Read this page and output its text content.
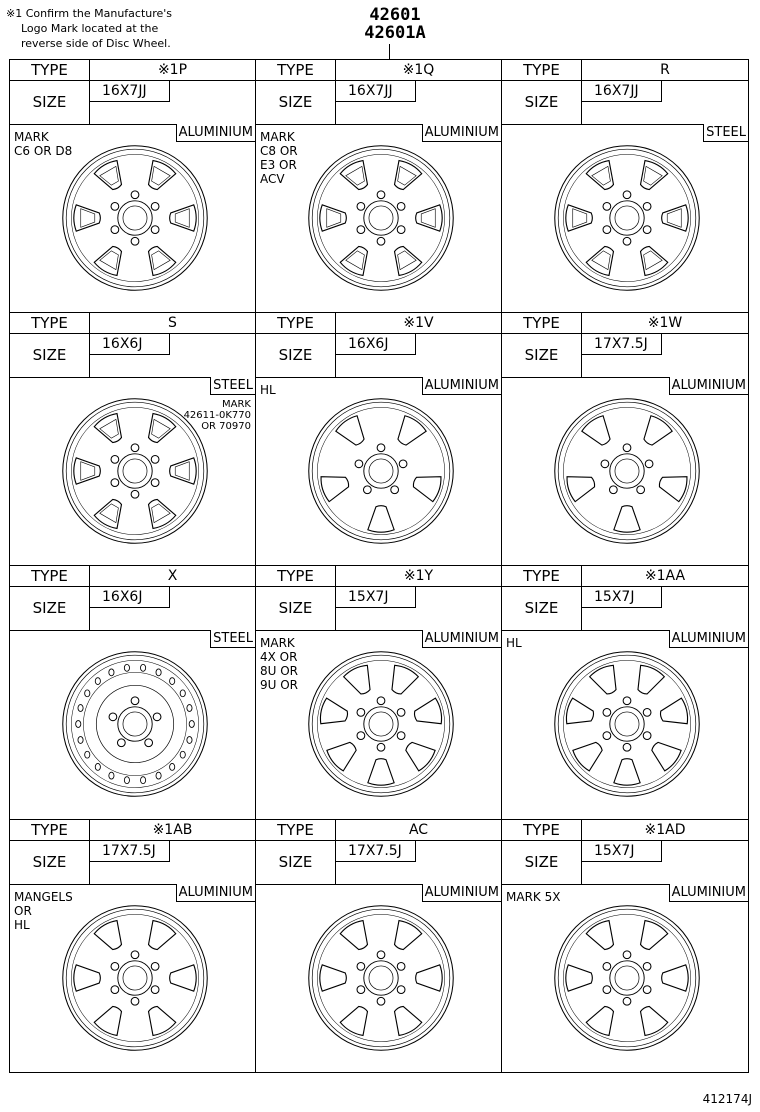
※1 Confirm the Manufacture's
Logo Mark located at the
reverse side of Disc Wheel.
42601
42601A
TYPE	※1P
SIZE
16X7JJ
ALUMINIUM
MARK
C6 OR D8
TYPE	※1Q
SIZE
16X7JJ
ALUMINIUM
MARK
C8 OR
E3 OR
ACV
TYPE	R
SIZE
16X7JJ
STEEL
TYPE	S
SIZE
16X6J
STEEL
MARK
42611-0K770
OR 70970
TYPE	※1V
SIZE
16X6J
ALUMINIUM
HL
TYPE	※1W
SIZE
17X7.5J
ALUMINIUM
TYPE	X
SIZE
16X6J
STEEL
TYPE	※1Y
SIZE
15X7J
ALUMINIUM
MARK
4X OR
8U OR
9U OR
TYPE	※1AA
SIZE
15X7J
ALUMINIUM
HL
TYPE	※1AB
SIZE
17X7.5J
ALUMINIUM
MANGELS
OR
HL
TYPE	AC
SIZE
17X7.5J
ALUMINIUM
TYPE	※1AD
SIZE
15X7J
ALUMINIUM
MARK 5X
412174J
